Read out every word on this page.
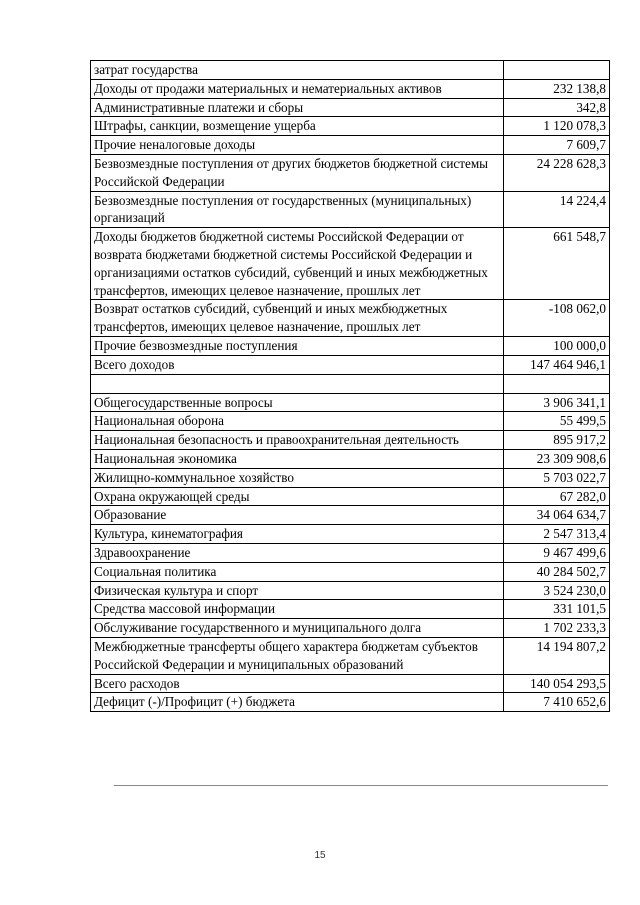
затрат государства	
Доходы от продажи материальных и нематериальных активов	232 138,8
Административные платежи и сборы	342,8
Штрафы, санкции, возмещение ущерба	1 120 078,3
Прочие неналоговые доходы	7 609,7
Безвозмездные поступления от других бюджетов бюджетной системы Российской Федерации	24 228 628,3
Безвозмездные поступления от государственных (муниципальных) организаций	14 224,4
Доходы бюджетов бюджетной системы Российской Федерации от возврата бюджетами бюджетной системы Российской Федерации и организациями остатков субсидий, субвенций и иных межбюджетных трансфертов, имеющих целевое назначение, прошлых лет	661 548,7
Возврат остатков субсидий, субвенций и иных межбюджетных трансфертов, имеющих целевое назначение, прошлых лет	-108 062,0
Прочие безвозмездные поступления	100 000,0
Всего доходов	147 464 946,1

Общегосударственные вопросы	3 906 341,1
Национальная оборона	55 499,5
Национальная безопасность и правоохранительная деятельность	895 917,2
Национальная экономика	23 309 908,6
Жилищно-коммунальное хозяйство	5 703 022,7
Охрана окружающей среды	67 282,0
Образование	34 064 634,7
Культура, кинематография	2 547 313,4
Здравоохранение	9 467 499,6
Социальная политика	40 284 502,7
Физическая культура и спорт	3 524 230,0
Средства массовой информации	331 101,5
Обслуживание государственного и муниципального долга	1 702 233,3
Межбюджетные трансферты общего характера бюджетам субъектов Российской Федерации и муниципальных образований	14 194 807,2
Всего расходов	140 054 293,5
Дефицит (-)/Профицит (+) бюджета	7 410 652,6
15
